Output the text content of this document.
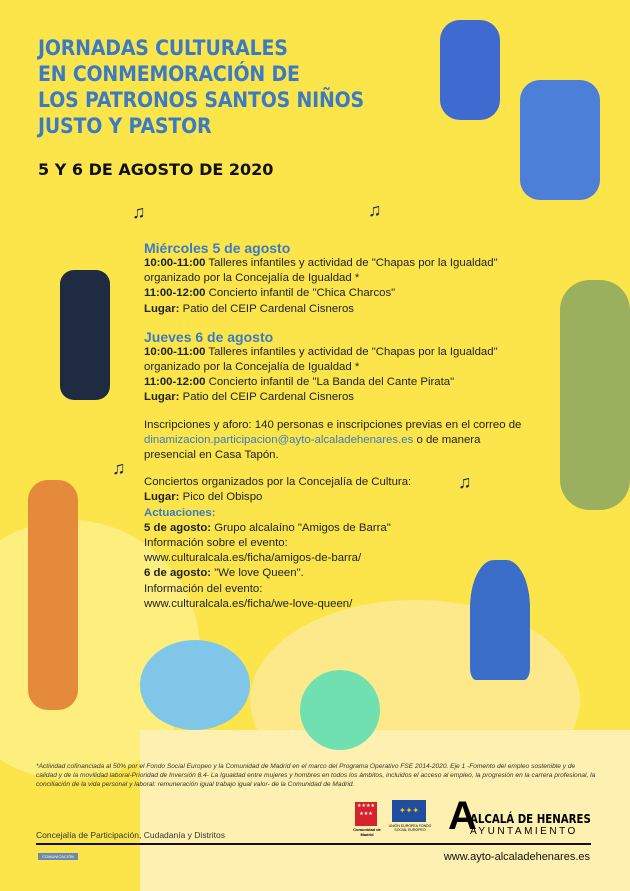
♫	♫
♫
♫
JORNADAS CULTURALES
EN CONMEMORACIÓN DE
LOS PATRONOS SANTOS NIÑOS
JUSTO Y PASTOR
5 Y 6 DE AGOSTO DE 2020
Miércoles 5 de agosto
10:00-11:00 Talleres infantiles y actividad de "Chapas por la Igualdad" organizado por la Concejalía de Igualdad *
11:00-12:00 Concierto infantil de "Chica Charcos"
Lugar: Patio del CEIP Cardenal Cisneros
Jueves 6 de agosto
10:00-11:00 Talleres infantiles y actividad de "Chapas por la Igualdad" organizado por la Concejalía de Igualdad *
11:00-12:00 Concierto infantil de "La Banda del Cante Pirata"
Lugar: Patio del CEIP Cardenal Cisneros
Inscripciones y aforo: 140 personas e inscripciones previas en el correo de dinamizacion.participacion@ayto-alcaladehenares.es o de manera presencial en Casa Tapón.
Conciertos organizados por la Concejalía de Cultura:
Lugar: Pico del Obispo
Actuaciones:
5 de agosto: Grupo alcalaíno "Amigos de Barra"
Información sobre el evento:
www.culturalcala.es/ficha/amigos-de-barra/
6 de agosto: "We love Queen".
Información del evento:
www.culturalcala.es/ficha/we-love-queen/
*Actividad cofinanciada al 50% por el Fondo Social Europeo y la Comunidad de Madrid en el marco del Programa Operativo FSE 2014-2020. Eje 1 -Fomento del empleo sostenible y de calidad y de la movilidad laboral-Prioridad de Inversión 8.4- La Igualdad entre mujeres y hombres en todos los ámbitos, incluidos el acceso al empleo, la progresión en la carrera profesional, la conciliación de la vida personal y laboral: remuneración igual trabajo igual valor- de la Comunidad de Madrid.
★★★★
★★★
Comunidad de Madrid
✦✦✦
UNIÓN EUROPEA FONDO SOCIAL EUROPEO A
ALCALÁ DE HENARES
AYUNTAMIENTO
Concejalía de Participación, Cudadanía y Distritos
COMUNICACIÓN	www.ayto-alcaladehenares.es
